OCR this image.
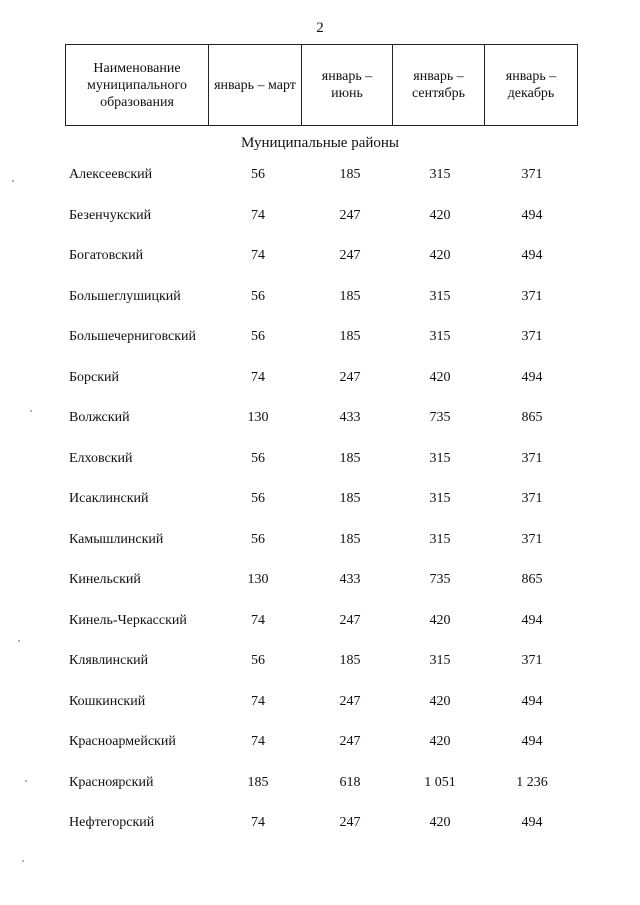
2
Наименование муниципального образования	январь – март	январь – июнь	январь – сентябрь	январь – декабрь
Муниципальные районы
Алексеевский	56	185	315	371
Безенчукский	74	247	420	494
Богатовский	74	247	420	494
Большеглушицкий	56	185	315	371
Большечерниговский	56	185	315	371
Борский	74	247	420	494
Волжский	130	433	735	865
Елховский	56	185	315	371
Исаклинский	56	185	315	371
Камышлинский	56	185	315	371
Кинельский	130	433	735	865
Кинель-Черкасский	74	247	420	494
Клявлинский	56	185	315	371
Кошкинский	74	247	420	494
Красноармейский	74	247	420	494
Красноярский	185	618	1 051	1 236
Нефтегорский	74	247	420	494
